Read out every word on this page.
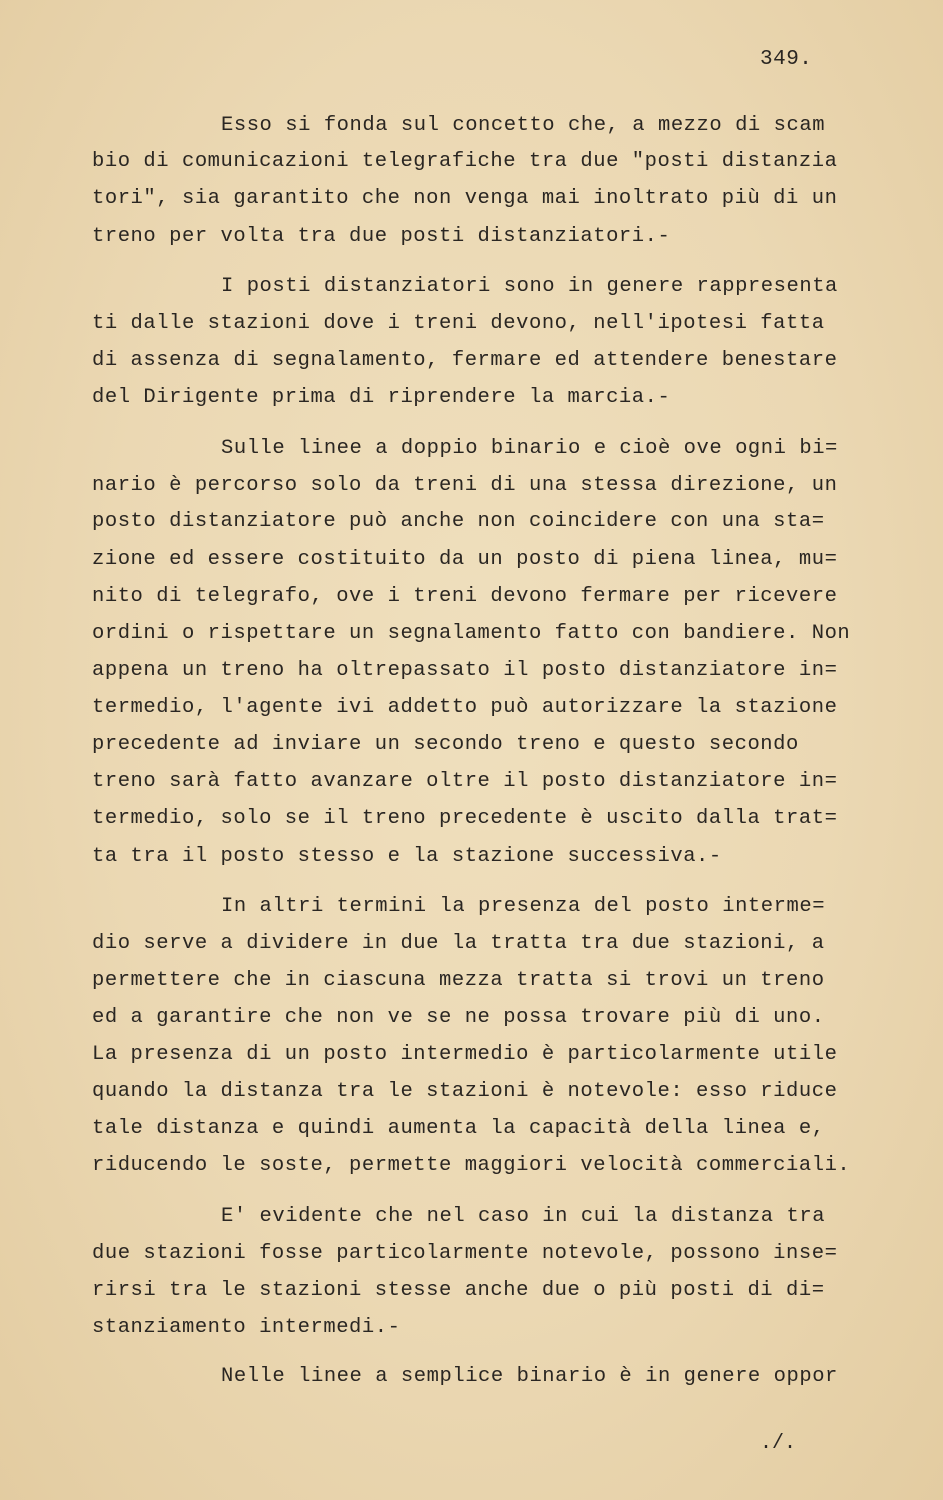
349.
Esso si fonda sul concetto che, a mezzo di scam
bio di comunicazioni telegrafiche tra due "posti distanzia
tori", sia garantito che non venga mai inoltrato più di un
treno per volta tra due posti distanziatori.-
I posti distanziatori sono in genere rappresenta
ti dalle stazioni dove i treni devono, nell'ipotesi fatta
di assenza di segnalamento, fermare ed attendere benestare
del Dirigente prima di riprendere la marcia.-
Sulle linee a doppio binario e cioè ove ogni bi=
nario è percorso solo da treni di una stessa direzione, un
posto distanziatore può anche non coincidere con una sta=
zione ed essere costituito da un posto di piena linea, mu=
nito di telegrafo, ove i treni devono fermare per ricevere
ordini o rispettare un segnalamento fatto con bandiere. Non
appena un treno ha oltrepassato il posto distanziatore in=
termedio, l'agente ivi addetto può autorizzare la stazione
precedente ad inviare un secondo treno e questo secondo
treno sarà fatto avanzare oltre il posto distanziatore in=
termedio, solo se il treno precedente è uscito dalla trat=
ta tra il posto stesso e la stazione successiva.-
In altri termini la presenza del posto interme=
dio serve a dividere in due la tratta tra due stazioni, a
permettere che in ciascuna mezza tratta si trovi un treno
ed a garantire che non ve se ne possa trovare più di uno.
La presenza di un posto intermedio è particolarmente utile
quando la distanza tra le stazioni è notevole: esso riduce
tale distanza e quindi aumenta la capacità della linea e,
riducendo le soste, permette maggiori velocità commerciali.
E' evidente che nel caso in cui la distanza tra
due stazioni fosse particolarmente notevole, possono inse=
rirsi tra le stazioni stesse anche due o più posti di di=
stanziamento intermedi.-
Nelle linee a semplice binario è in genere oppor
./.
